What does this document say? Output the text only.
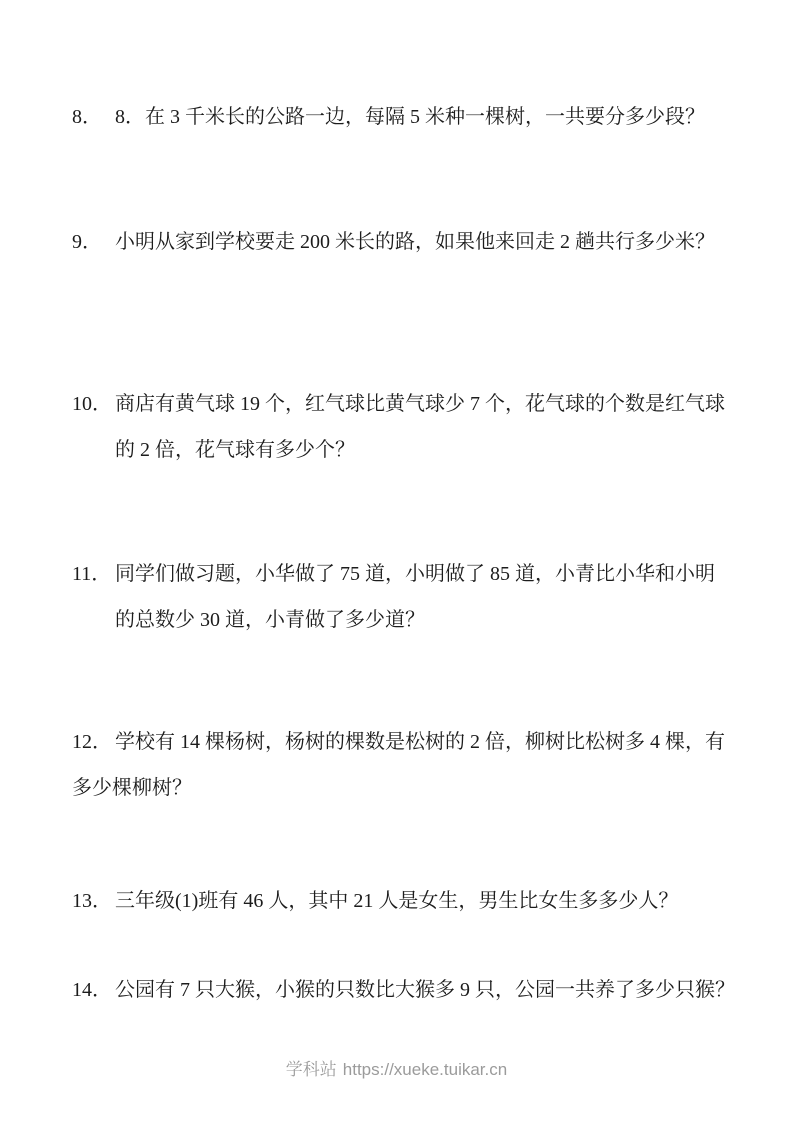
8． 8．在 3 千米长的公路一边，每隔 5 米种一棵树，一共要分多少段？
9． 小明从家到学校要走 200 米长的路，如果他来回走 2 趟共行多少米？
10． 商店有黄气球 19 个，红气球比黄气球少 7 个，花气球的个数是红气球
的 2 倍，花气球有多少个？
11． 同学们做习题，小华做了 75 道，小明做了 85 道，小青比小华和小明
的总数少 30 道，小青做了多少道？
12． 学校有 14 棵杨树，杨树的棵数是松树的 2 倍，柳树比松树多 4 棵，有
多少棵柳树？
13． 三年级(1)班有 46 人，其中 21 人是女生，男生比女生多多少人？
14． 公园有 7 只大猴，小猴的只数比大猴多 9 只，公园一共养了多少只猴？
学科站 https://xueke.tuikar.cn
